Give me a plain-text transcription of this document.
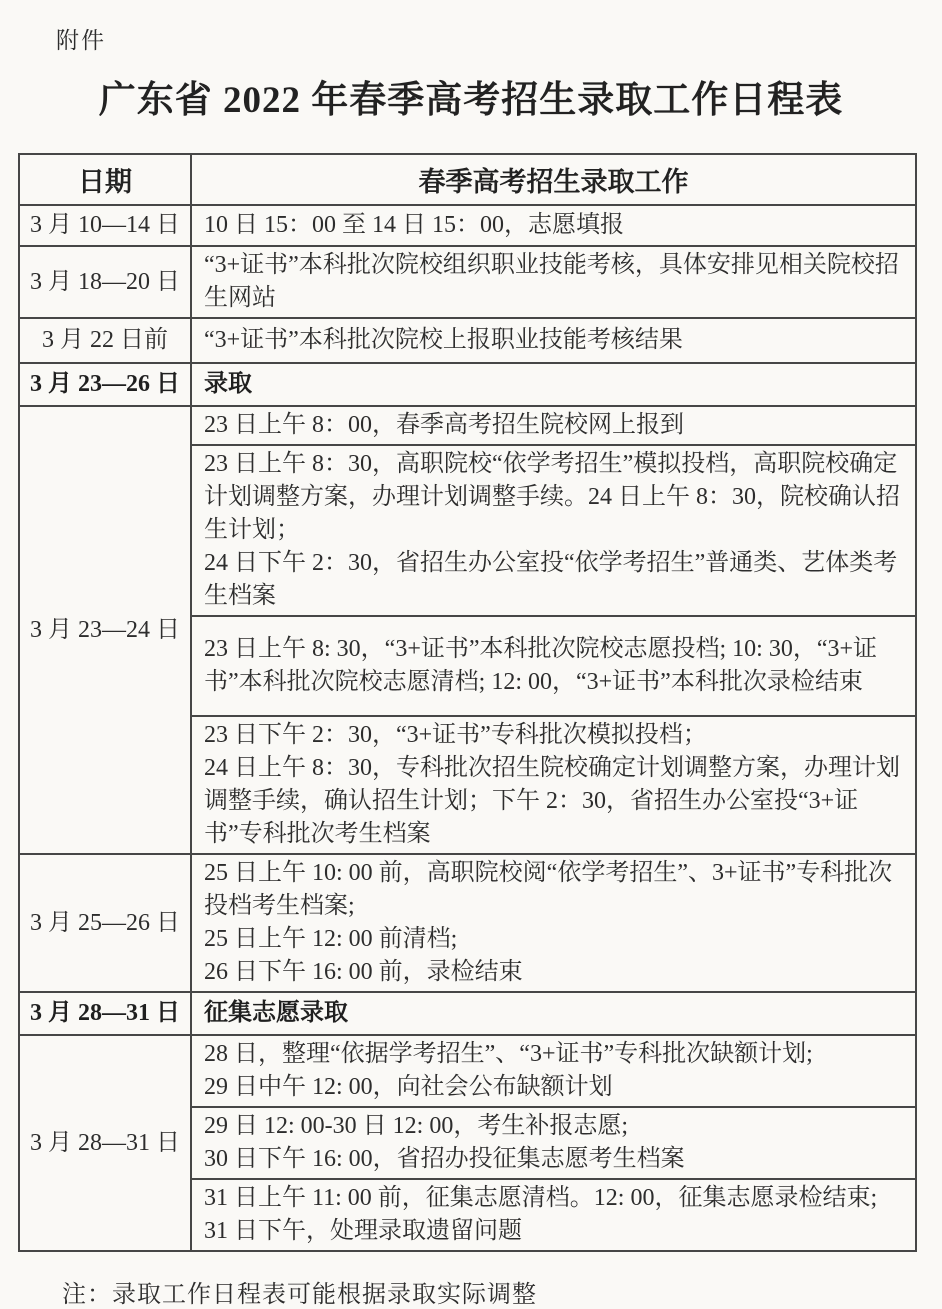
附件
广东省 2022 年春季高考招生录取工作日程表
日期	春季高考招生录取工作
3 月 10—14 日	10 日 15：00 至 14 日 15：00，志愿填报

3 月 18—20 日	“3+证书”本科批次院校组织职业技能考核，具体安排见相关院校招生网站

3 月 22 日前	“3+证书”本科批次院校上报职业技能考核结果

3 月 23—26 日	录取
3 月 23—24 日	23 日上午 8：00，春季高考招生院校网上报到

	23 日上午 8：30，高职院校“依学考招生”模拟投档，高职院校确定计划调整方案，办理计划调整手续。24 日上午 8：30，院校确认招生计划；

24 日下午 2：30，省招生办公室投“依学考招生”普通类、艺体类考生档案

	23 日上午 8: 30，“3+证书”本科批次院校志愿投档; 10: 30，“3+证书”本科批次院校志愿清档; 12: 00，“3+证书”本科批次录检结束

	23 日下午 2：30，“3+证书”专科批次模拟投档；

24 日上午 8：30，专科批次招生院校确定计划调整方案，办理计划调整手续，确认招生计划；下午 2：30，省招生办公室投“3+证书”专科批次考生档案

3 月 25—26 日	25 日上午 10: 00 前，高职院校阅“依学考招生”、3+证书”专科批次投档考生档案;

25 日上午 12: 00 前清档;

26 日下午 16: 00 前，录检结束

3 月 28—31 日	征集志愿录取
3 月 28—31 日	28 日，整理“依据学考招生”、“3+证书”专科批次缺额计划;

29 日中午 12: 00，向社会公布缺额计划

	29 日 12: 00-30 日 12: 00，考生补报志愿;

30 日下午 16: 00，省招办投征集志愿考生档案

	31 日上午 11: 00 前，征集志愿清档。12: 00，征集志愿录检结束;

31 日下午，处理录取遗留问题

注：录取工作日程表可能根据录取实际调整
